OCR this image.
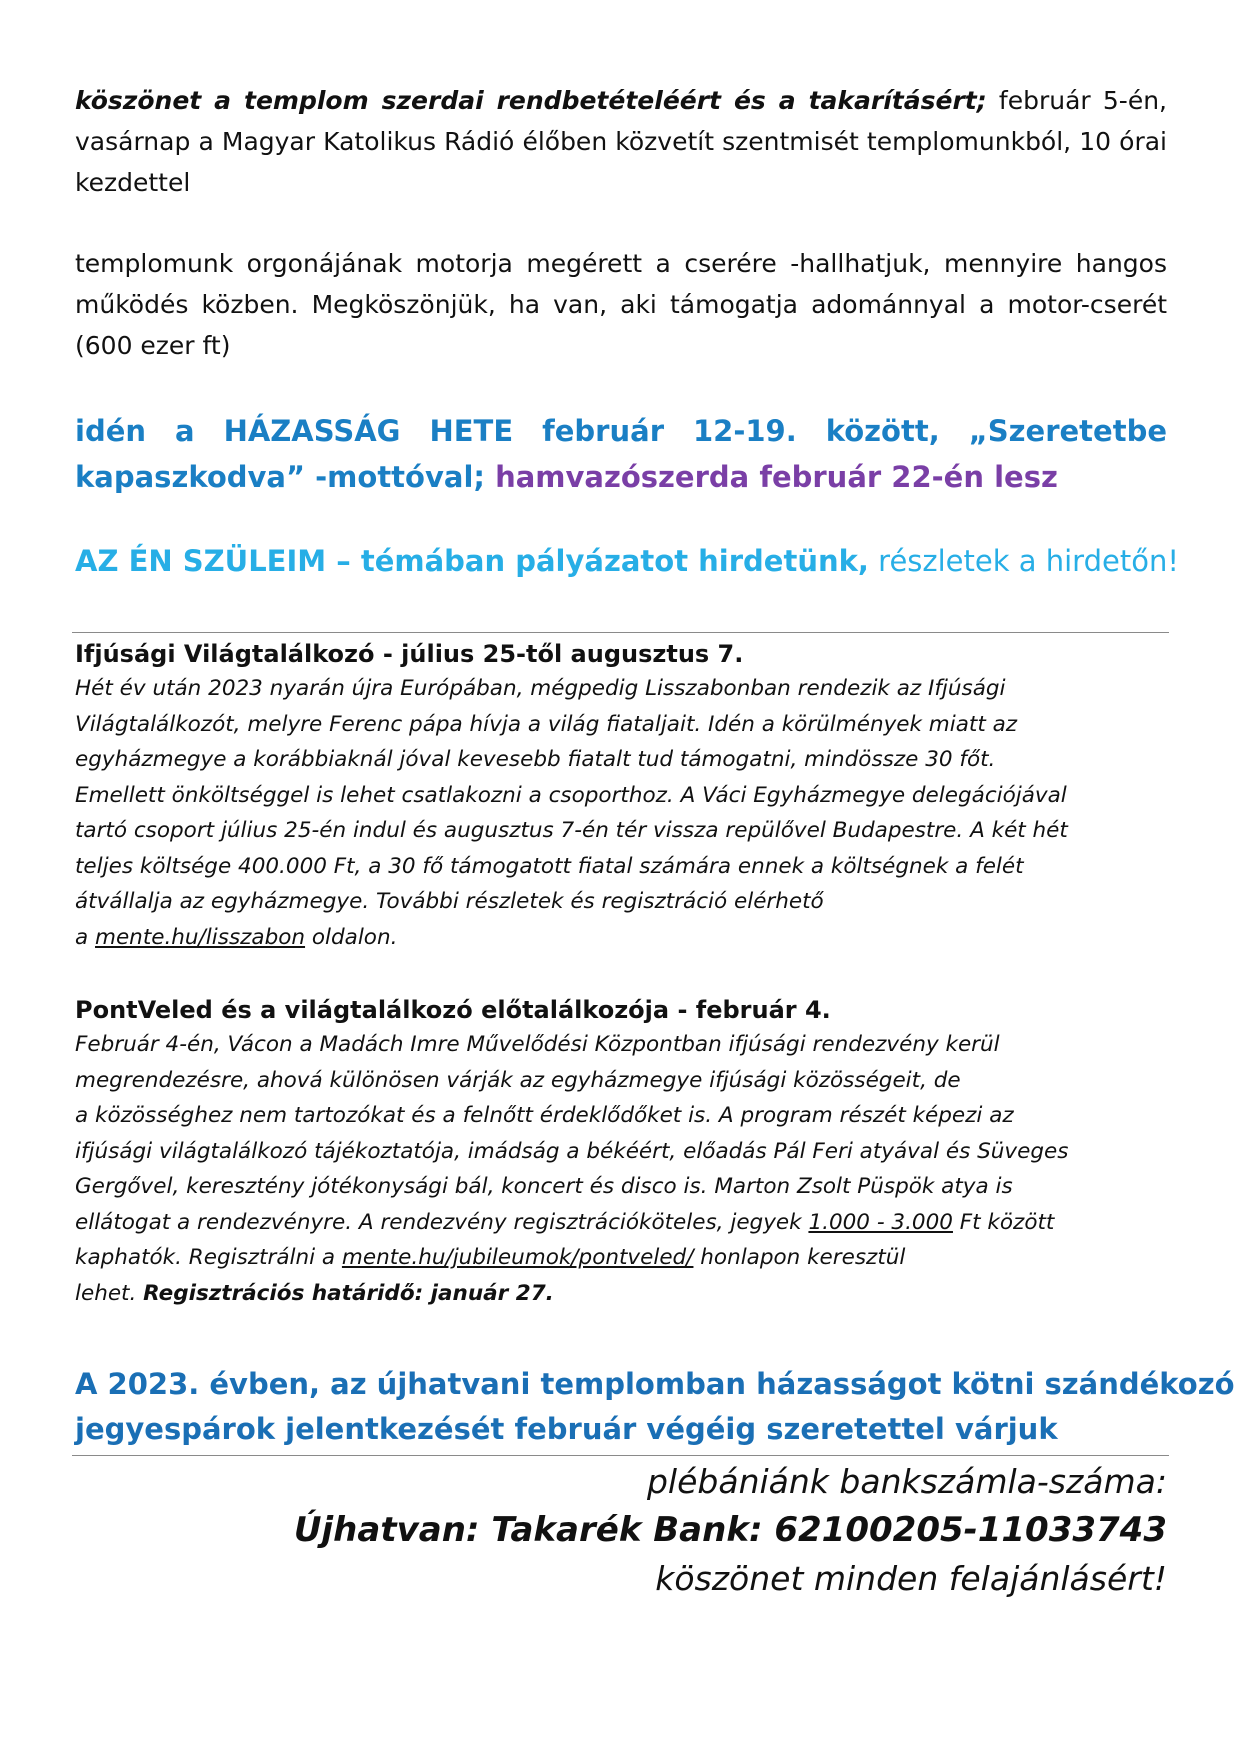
köszönet a templom szerdai rendbetételéért és a takarításért; február 5-én, vasárnap a Magyar Katolikus Rádió élőben közvetít szentmisét templomunkból, 10 órai kezdettel

templomunk orgonájának motorja megérett a cserére -hallhatjuk, mennyire hangos működés közben. Megköszönjük, ha van, aki támogatja adománnyal a motor-cserét (600 ezer ft)

idén a HÁZASSÁG HETE február 12-19. között, „Szeretetbe kapaszkodva” -mottóval; hamvazószerda február 22-én lesz

AZ ÉN SZÜLEIM – témában pályázatot hirdetünk, részletek a hirdetőn!

Ifjúsági Világtalálkozó - július 25-től augusztus 7.

Hét év után 2023 nyarán újra Európában, mégpedig Lisszabonban rendezik az Ifjúsági

Világtalálkozót, melyre Ferenc pápa hívja a világ fiataljait. Idén a körülmények miatt az

egyházmegye a korábbiaknál jóval kevesebb fiatalt tud támogatni, mindössze 30 főt.

Emellett önköltséggel is lehet csatlakozni a csoporthoz. A Váci Egyházmegye delegációjával

tartó csoport július 25-én indul és augusztus 7-én tér vissza repülővel Budapestre. A két hét

teljes költsége 400.000 Ft, a 30 fő támogatott fiatal számára ennek a költségnek a felét

átvállalja az egyházmegye. További részletek és regisztráció elérhető

a mente.hu/lisszabon oldalon.

PontVeled és a világtalálkozó előtalálkozója - február 4.

Február 4-én, Vácon a Madách Imre Művelődési Központban ifjúsági rendezvény kerül

megrendezésre, ahová különösen várják az egyházmegye ifjúsági közösségeit, de

a közösséghez nem tartozókat és a felnőtt érdeklődőket is. A program részét képezi az

ifjúsági világtalálkozó tájékoztatója, imádság a békéért, előadás Pál Feri atyával és Süveges

Gergővel, keresztény jótékonysági bál, koncert és disco is. Marton Zsolt Püspök atya is

ellátogat a rendezvényre. A rendezvény regisztrációköteles, jegyek 1.000 - 3.000 Ft között

kaphatók. Regisztrálni a mente.hu/jubileumok/pontveled/ honlapon keresztül

lehet. Regisztrációs határidő: január 27.

A 2023. évben, az újhatvani templomban házasságot kötni szándékozó

jegyespárok jelentkezését február végéig szeretettel várjuk

plébániánk bankszámla-száma:
Újhatvan: Takarék Bank: 62100205-11033743
köszönet minden felajánlásért!
